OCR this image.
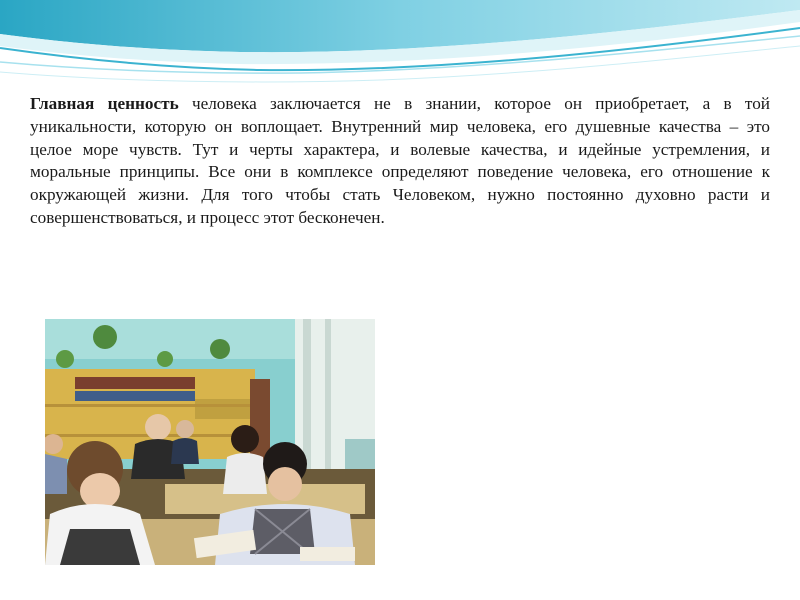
Главная ценность человека заключается не в знании, которое он приобретает, а в той уникальности, которую он воплощает. Внутренний мир человека, его душевные качества – это целое море чувств. Тут и черты характера, и волевые качества, и идейные устремления, и моральные принципы. Все они в комплексе определяют поведение человека, его отношение к окружающей жизни. Для того чтобы стать Человеком, нужно постоянно духовно расти и совершенствоваться, и процесс этот бесконечен.
